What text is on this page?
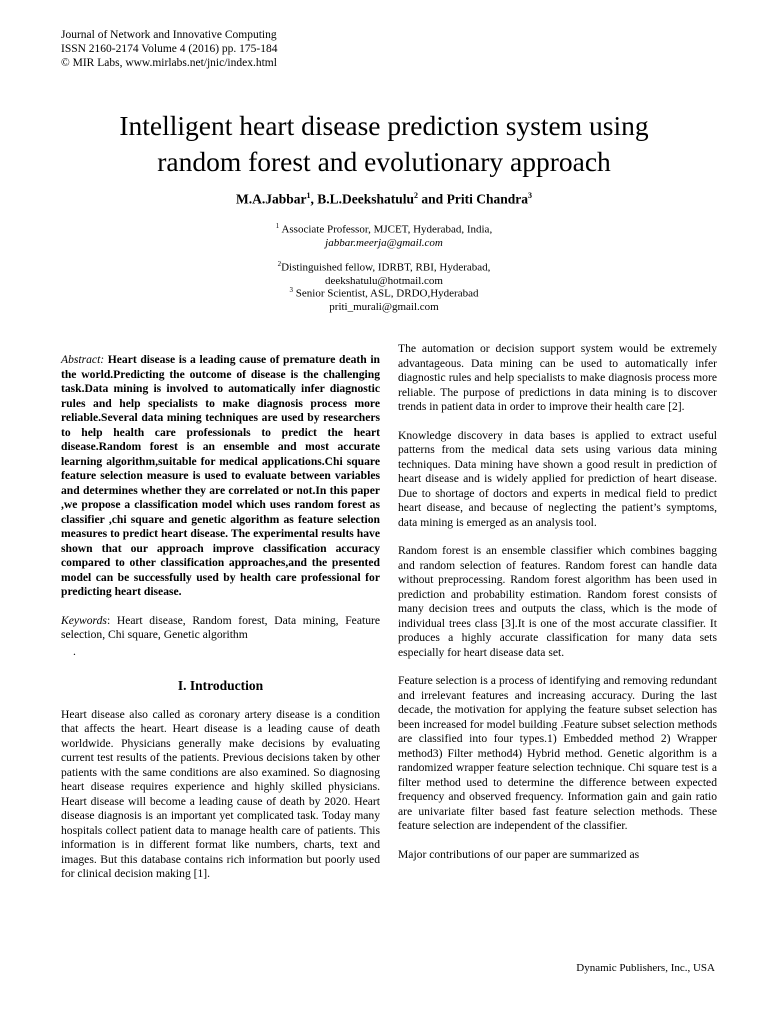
Journal of Network and Innovative Computing
ISSN 2160-2174 Volume 4 (2016) pp. 175-184
© MIR Labs, www.mirlabs.net/jnic/index.html
Intelligent heart disease prediction system using
random forest and evolutionary approach
M.A.Jabbar$^1$, B.L.Deekshatulu$^2$ and Priti Chandra$^3$
$^1$ Associate Professor, MJCET, Hyderabad, India,
jabbar.meerja@gmail.com
$^2$Distinguished fellow, IDRBT, RBI, Hyderabad,
deekshatulu@hotmail.com
$^3$ Senior Scientist, ASL, DRDO,Hyderabad
priti_murali@gmail.com

Abstract: Heart disease is a leading cause of premature death in the world.Predicting the outcome of disease is the challenging task.Data mining is involved to automatically infer diagnostic rules and help specialists to make diagnosis process more reliable.Several data mining techniques are used by researchers to help health care professionals to predict the heart disease.Random forest is an ensemble and most accurate learning algorithm,suitable for medical applications.Chi square feature selection measure is used to evaluate between variables and determines whether they are correlated or not.In this paper ,we propose a classification model which uses random forest as classifier ,chi square and genetic algorithm as feature selection measures to predict heart disease. The experimental results have shown that our approach improve classification accuracy compared to other classification approaches,and the presented model can be successfully used by health care professional for predicting heart disease.

Keywords: Heart disease, Random forest, Data mining, Feature selection, Chi square, Genetic algorithm

.
I. Introduction

Heart disease also called as coronary artery disease is a condition that affects the heart. Heart disease is a leading cause of death worldwide. Physicians generally make decisions by evaluating current test results of the patients. Previous decisions taken by other patients with the same conditions are also examined. So diagnosing heart disease requires experience and highly skilled physicians. Heart disease will become a leading cause of death by 2020. Heart disease diagnosis is an important yet complicated task. Today many hospitals collect patient data to manage health care of patients. This information is in different format like numbers, charts, text and images. But this database contains rich information but poorly used for clinical decision making [1].

The automation or decision support system would be extremely advantageous. Data mining can be used to automatically infer diagnostic rules and help specialists to make diagnosis process more reliable. The purpose of predictions in data mining is to discover trends in patient data in order to improve their health care [2].

Knowledge discovery in data bases is applied to extract useful patterns from the medical data sets using various data mining techniques. Data mining have shown a good result in prediction of heart disease and is widely applied for prediction of heart disease. Due to shortage of doctors and experts in medical field to predict heart disease, and because of neglecting the patient’s symptoms, data mining is emerged as an analysis tool.

Random forest is an ensemble classifier which combines bagging and random selection of features. Random forest can handle data without preprocessing. Random forest algorithm has been used in prediction and probability estimation. Random forest consists of many decision trees and outputs the class, which is the mode of individual trees class [3].It is one of the most accurate classifier. It produces a highly accurate classification for many data sets especially for heart disease data set.

Feature selection is a process of identifying and removing redundant and irrelevant features and increasing accuracy. During the last decade, the motivation for applying the feature subset selection has been increased for model building .Feature subset selection methods are classified into four types.1) Embedded method 2) Wrapper method3) Filter method4) Hybrid method. Genetic algorithm is a randomized wrapper feature selection technique. Chi square test is a filter method used to determine the difference between expected frequency and observed frequency. Information gain and gain ratio are univariate filter based fast feature selection methods. These feature selection are independent of the classifier.

Major contributions of our paper are summarized as

Dynamic Publishers, Inc., USA
